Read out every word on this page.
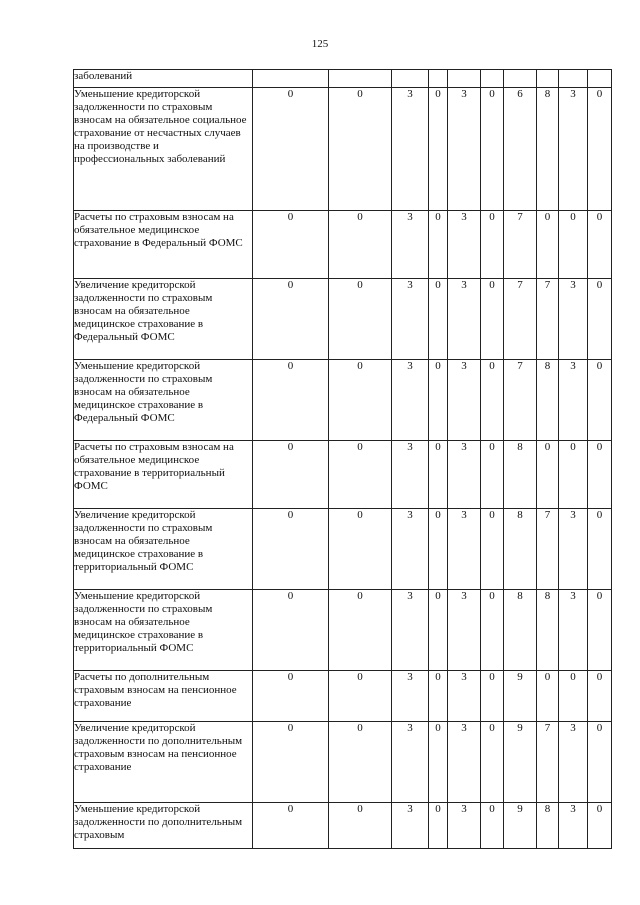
125
заболеваний										
Уменьшение кредиторской задолженности по страховым взносам на обязательное социальное страхование от несчастных случаев на производстве и профессиональных заболеваний	0	0	3	0	3	0	6	8	3	0
Расчеты по страховым взносам на обязательное медицинское страхование в Федеральный ФОМС	0	0	3	0	3	0	7	0	0	0
Увеличение кредиторской задолженности по страховым взносам на обязательное медицинское страхование в Федеральный ФОМС	0	0	3	0	3	0	7	7	3	0
Уменьшение кредиторской задолженности по страховым взносам на обязательное медицинское страхование в Федеральный ФОМС	0	0	3	0	3	0	7	8	3	0
Расчеты по страховым взносам на обязательное медицинское страхование в территориальный ФОМС	0	0	3	0	3	0	8	0	0	0
Увеличение кредиторской задолженности по страховым взносам на обязательное медицинское страхование в территориальный ФОМС	0	0	3	0	3	0	8	7	3	0
Уменьшение кредиторской задолженности по страховым взносам на обязательное медицинское страхование в территориальный ФОМС	0	0	3	0	3	0	8	8	3	0
Расчеты по дополнительным страховым взносам на пенсионное страхование	0	0	3	0	3	0	9	0	0	0
Увеличение кредиторской задолженности по дополнительным страховым взносам на пенсионное страхование	0	0	3	0	3	0	9	7	3	0
Уменьшение кредиторской задолженности по дополнительным страховым	0	0	3	0	3	0	9	8	3	0
